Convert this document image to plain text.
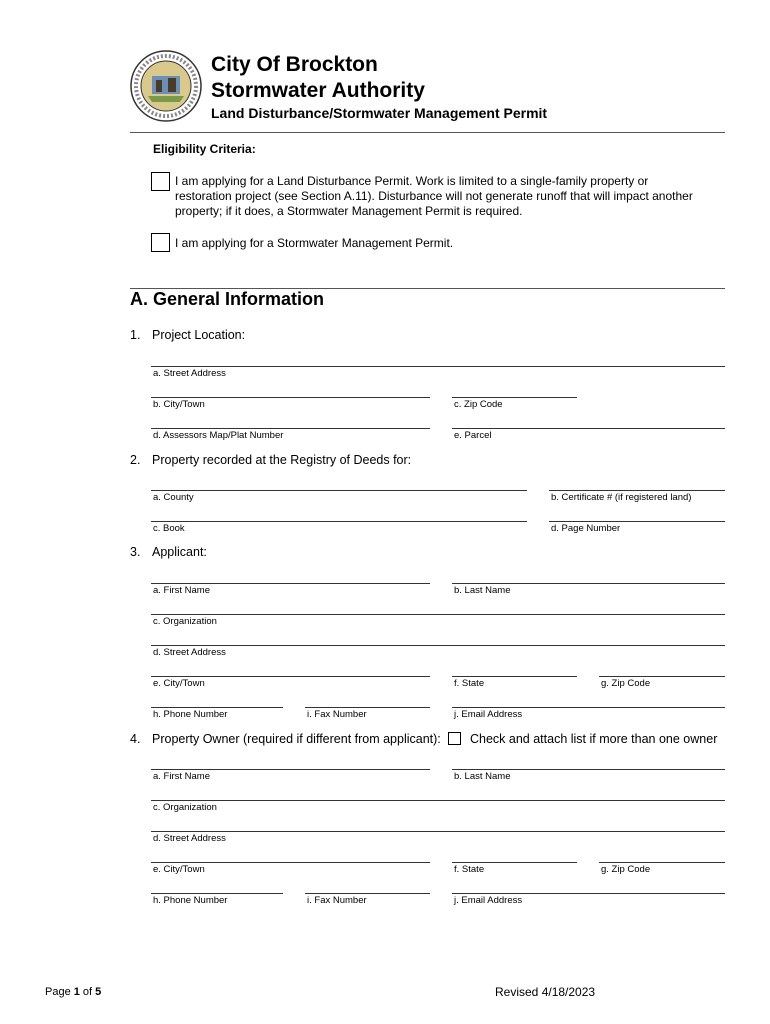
City Of Brockton
Stormwater Authority
Land Disturbance/Stormwater Management Permit
Eligibility Criteria:
I am applying for a Land Disturbance Permit. Work is limited to a single-family property or
restoration project (see Section A.11). Disturbance will not generate runoff that will impact another
property; if it does, a Stormwater Management Permit is required.
I am applying for a Stormwater Management Permit.
A. General Information
1. Project Location:
a. Street Address
b. City/Town	c. Zip Code
d. Assessors Map/Plat Number	e. Parcel
2. Property recorded at the Registry of Deeds for:
a. County	b. Certificate # (if registered land)
c. Book	d. Page Number
3. Applicant:
a. First Name	b. Last Name
c. Organization
d. Street Address
e. City/Town	f. State	g. Zip Code
h. Phone Number	i. Fax Number	j. Email Address
4. Property Owner (required if different from applicant): Check and attach list if more than one owner
a. First Name	b. Last Name
c. Organization
d. Street Address
e. City/Town	f. State	g. Zip Code
h. Phone Number	i. Fax Number	j. Email Address
Page 1 of 5	Revised 4/18/2023
